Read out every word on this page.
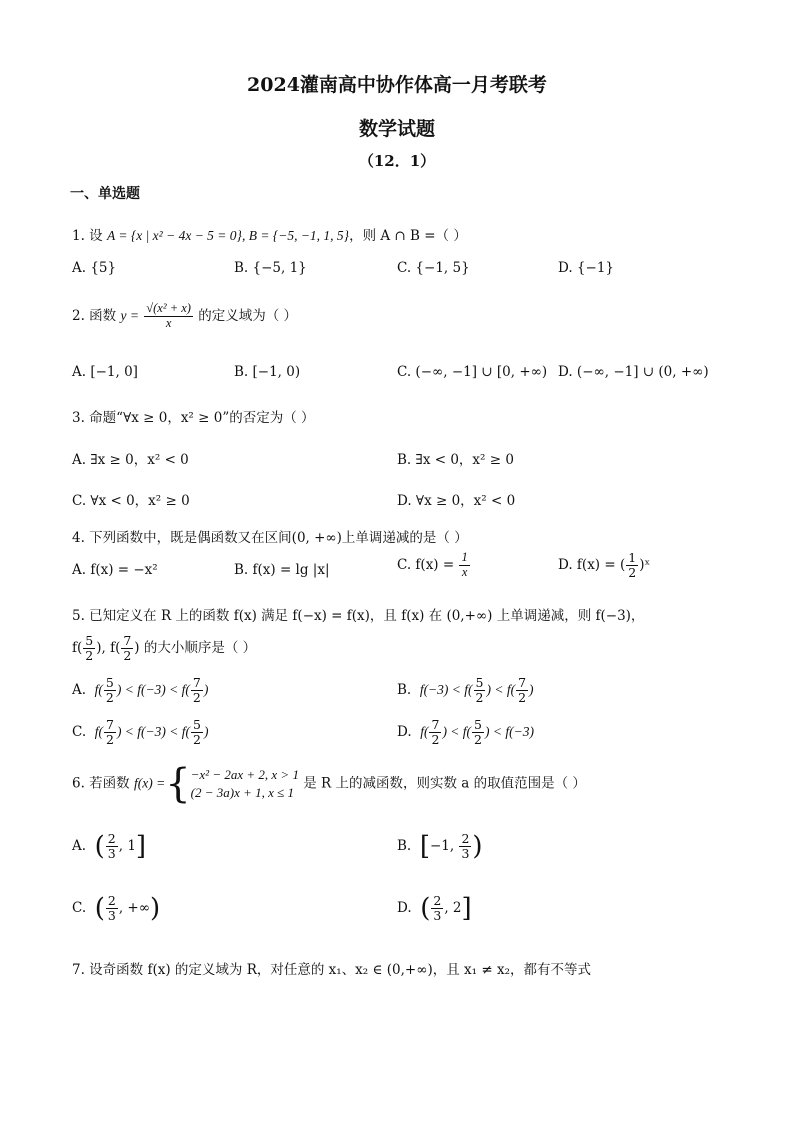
2024灌南高中协作体高一月考联考
数学试题
（12．1）
一、单选题
1. 设 A = {x | x² − 4x − 5 = 0}, B = {−5, −1, 1, 5}，则 A ∩ B =（ ）
A. {5}	B. {−5, 1}	C. {−1, 5}	D. {−1}
2. 函数 $y = \frac{\text{√(x² + x)}}{x}$ 的定义域为（ ）
A. [−1, 0]	B. [−1, 0)	C. (−∞, −1] ∪ [0, +∞) D. (−∞, −1] ∪ (0, +∞)
3. 命题“∀x ≥ 0，x² ≥ 0”的否定为（ ）
A. ∃x ≥ 0，x² < 0	B. ∃x < 0，x² ≥ 0
C. ∀x < 0，x² ≥ 0	D. ∀x ≥ 0，x² < 0
4. 下列函数中，既是偶函数又在区间(0, +∞)上单调递减的是（ ）
A. f(x) = −x²	B. f(x) = lg |x|	C. $f(x) = \frac{1}{x}$	D. f(x) = ( $\frac{1}{2}$ )ˣ
5. 已知定义在 R 上的函数 f(x) 满足 f(−x) = f(x)，且 f(x) 在 (0,+∞) 上单调递减，则 f(−3)，
$f( \frac{5}{2}$ ), $f( \frac{7}{2}$ ) 的大小顺序是（ ）
A. $f( \frac{5}{2}$ ) < $f(-3) < f( \frac{7}{2}$ )	B. $f(-3) < f( \frac{5}{2}$ ) < $f( \frac{7}{2}$ )
C. $f( \frac{7}{2}$ ) < $f(-3) < f( \frac{5}{2}$ )	D. $f( \frac{7}{2}$ ) < $f( \frac{5}{2}$ ) < f(−3)
6. 若函数 f(x) ={ −x² − 2ax + 2, x > 1
(2 − 3a)x + 1, x ≤ 1
是 R 上的减函数，则实数 a 的取值范围是（ ）
A. ( $\frac{2}{3}$ , 1]	B. [−1, $\frac{2}{3}$ )
C. ( $\frac{2}{3}$ , +∞)	D. ( $\frac{2}{3}$ , 2]
7. 设奇函数 f(x) 的定义域为 R，对任意的 x₁、x₂ ∈ (0,+∞)，且 x₁ ≠ x₂，都有不等式
